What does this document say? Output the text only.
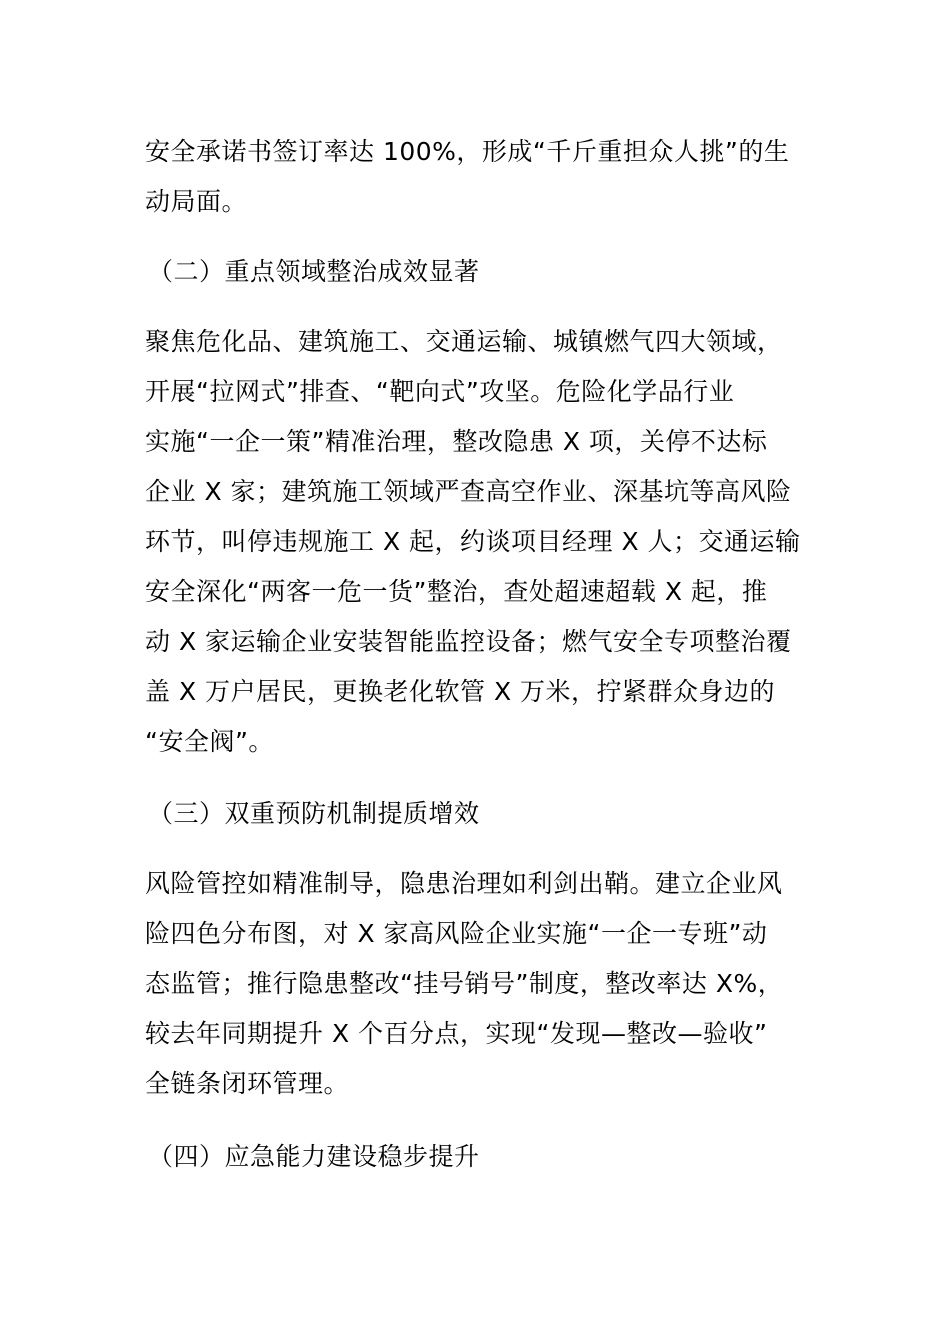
安全承诺书签订率达 100%，形成“千斤重担众人挑”的生
动局面。
（二）重点领域整治成效显著
聚焦危化品、建筑施工、交通运输、城镇燃气四大领域，
开展“拉网式”排查、“靶向式”攻坚。危险化学品行业
实施“一企一策”精准治理，整改隐患 X 项，关停不达标
企业 X 家；建筑施工领域严查高空作业、深基坑等高风险
环节，叫停违规施工 X 起，约谈项目经理 X 人；交通运输
安全深化“两客一危一货”整治，查处超速超载 X 起，推
动 X 家运输企业安装智能监控设备；燃气安全专项整治覆
盖 X 万户居民，更换老化软管 X 万米，拧紧群众身边的
“安全阀”。
（三）双重预防机制提质增效
风险管控如精准制导，隐患治理如利剑出鞘。建立企业风
险四色分布图，对 X 家高风险企业实施“一企一专班”动
态监管；推行隐患整改“挂号销号”制度，整改率达 X%，
较去年同期提升 X 个百分点，实现“发现—整改—验收”
全链条闭环管理。
（四）应急能力建设稳步提升
